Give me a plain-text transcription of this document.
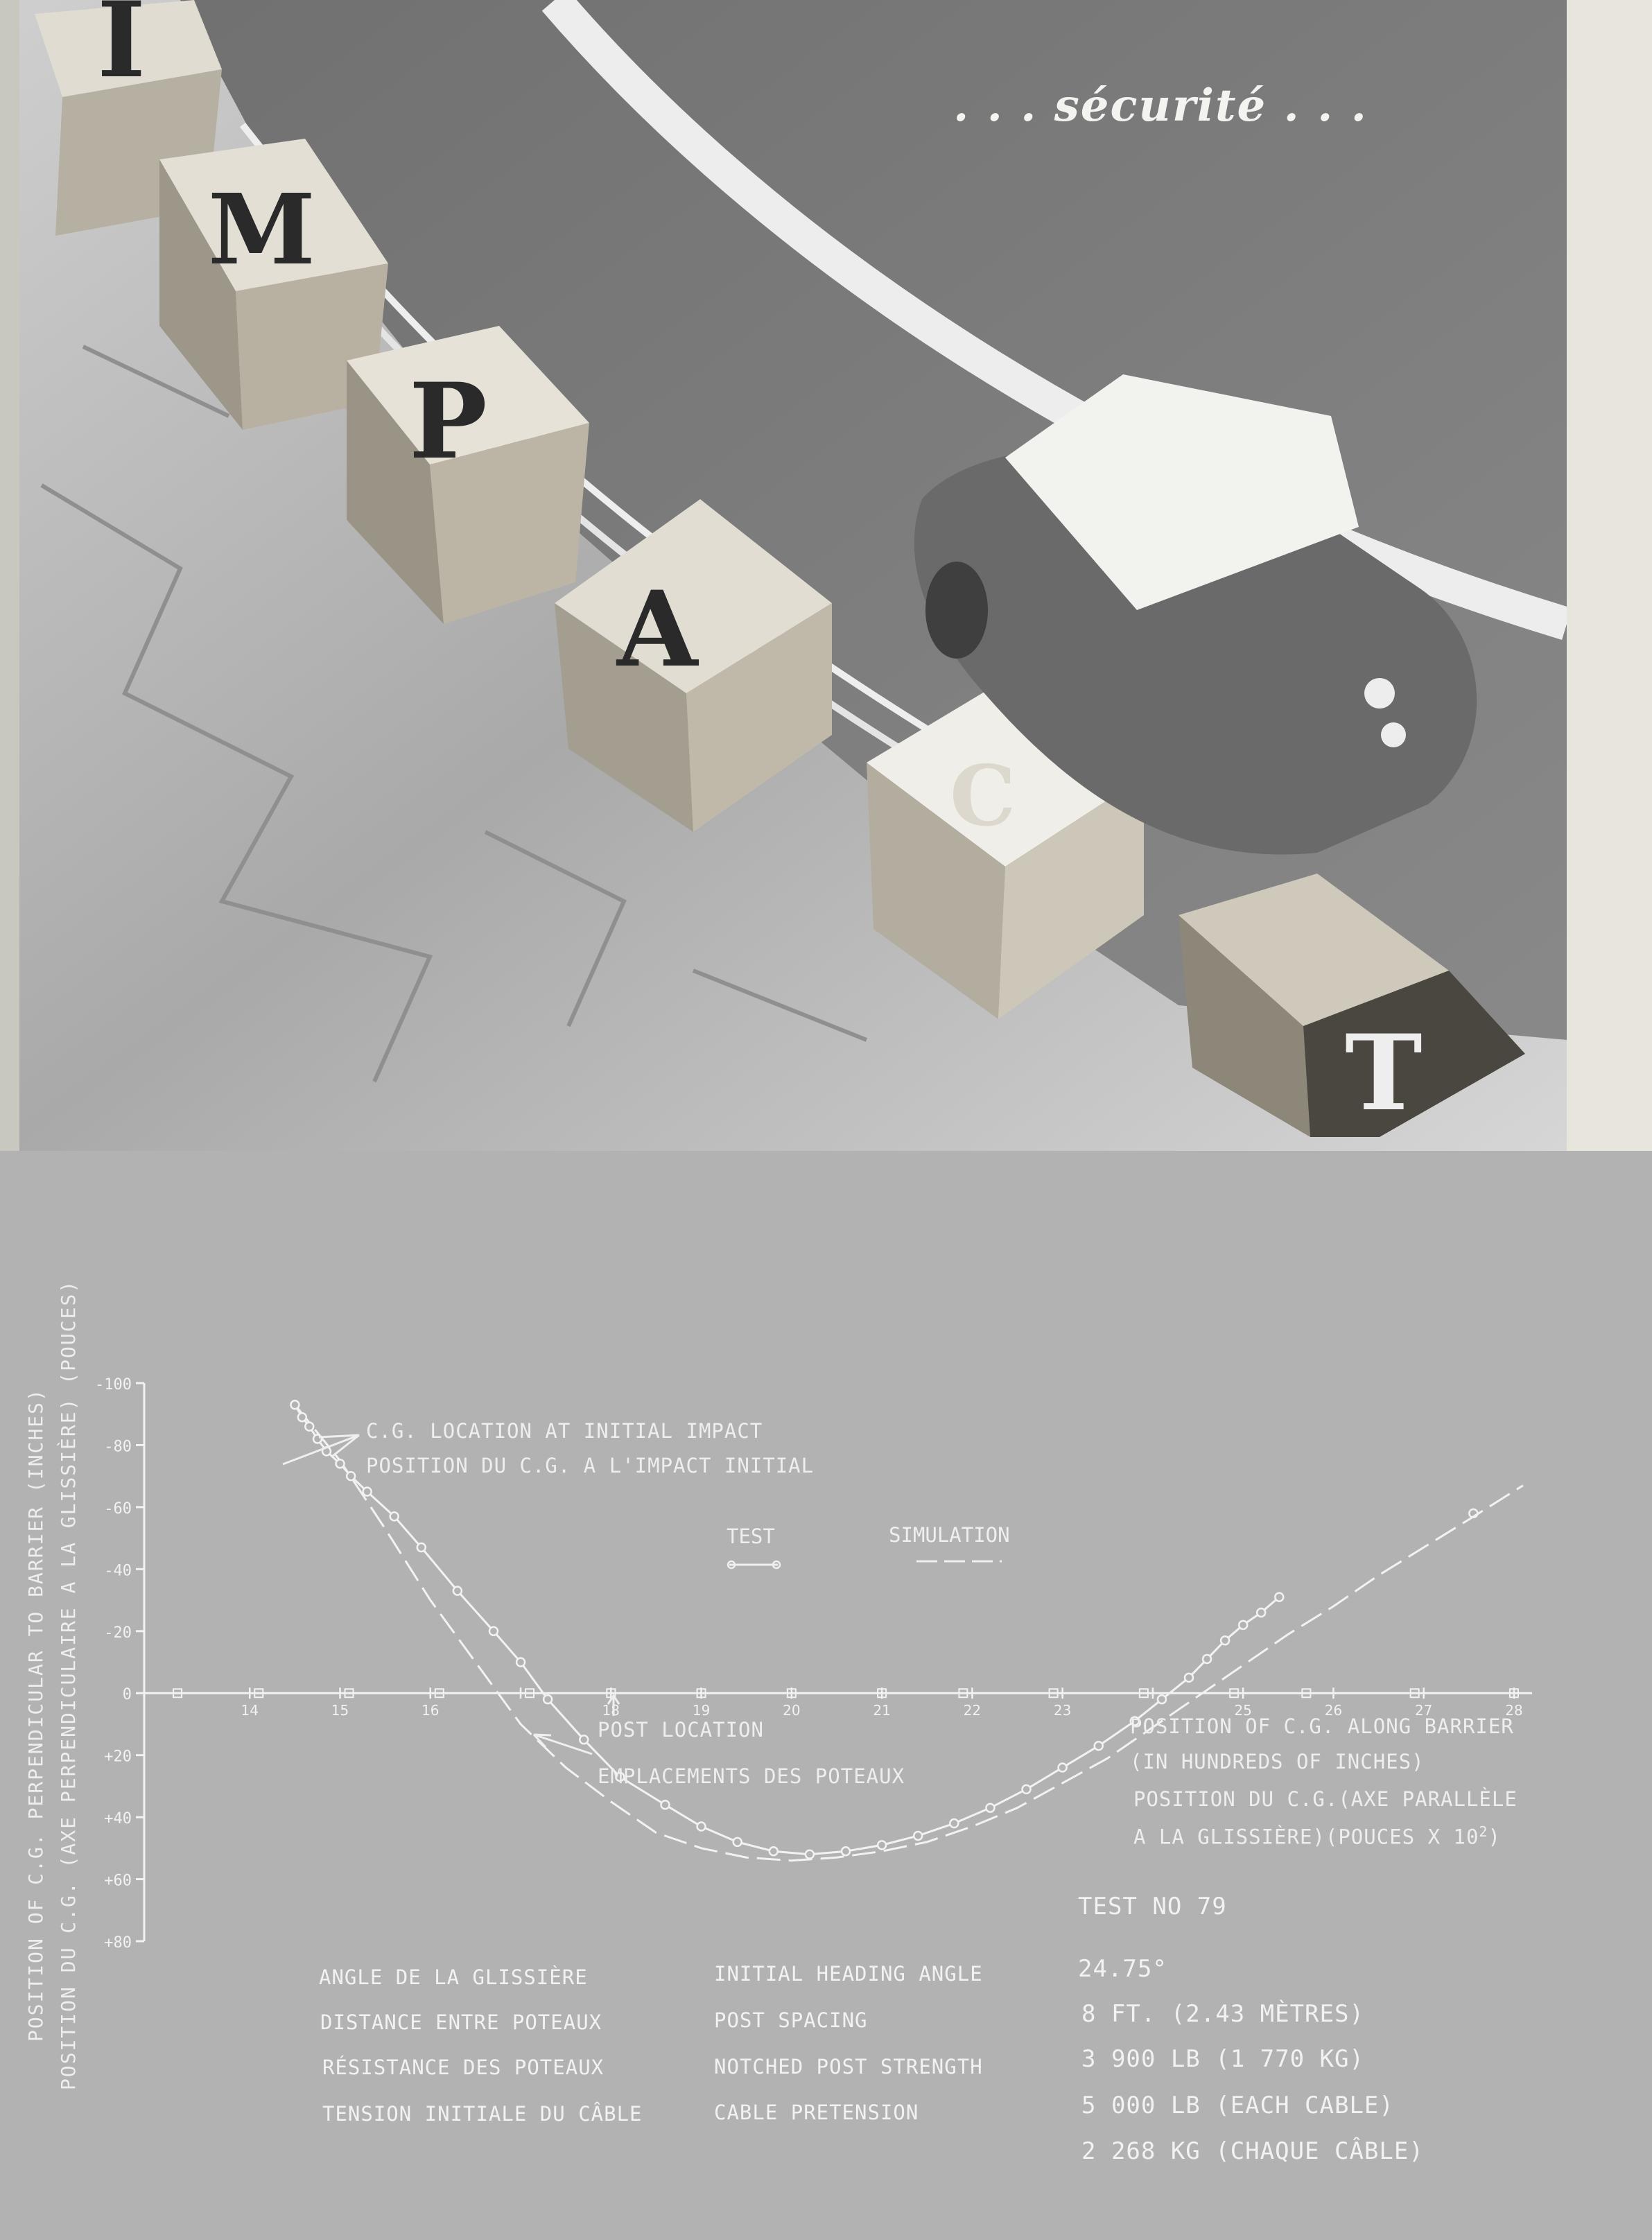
I
M
P
A
C
T
. . . sécurité . . .
-100
-80
-60
-40
-20
0
+20
+40
+60
+80
14	15	16	18	19	20	21	22	23	25	26	27	28
TEST	SIMULATION
POSITION OF C.G. PERPENDICULAR TO BARRIER (INCHES) POSITION DU C.G. (AXE PERPENDICULAIRE A LA GLISSIÈRE) (POUCES)	C.G. LOCATION AT INITIAL IMPACT
POSITION DU C.G. A L'IMPACT INITIAL
POST LOCATION
EMPLACEMENTS DES POTEAUX
POSITION OF C.G. ALONG BARRIER
(IN HUNDREDS OF INCHES)
POSITION DU C.G.(AXE PARALLÈLE
A LA GLISSIÈRE)(POUCES X $10^2$)
TEST NO 79
ANGLE DE LA GLISSIÈRE	INITIAL HEADING ANGLE	24.75°
DISTANCE ENTRE POTEAUX	POST SPACING	8 FT. (2.43 MÈTRES)
RÉSISTANCE DES POTEAUX	NOTCHED POST STRENGTH	3 900 LB (1 770 KG)
TENSION INITIALE DU CÂBLE	CABLE PRETENSION	5 000 LB (EACH CABLE)
2 268 KG (CHAQUE CÂBLE)
